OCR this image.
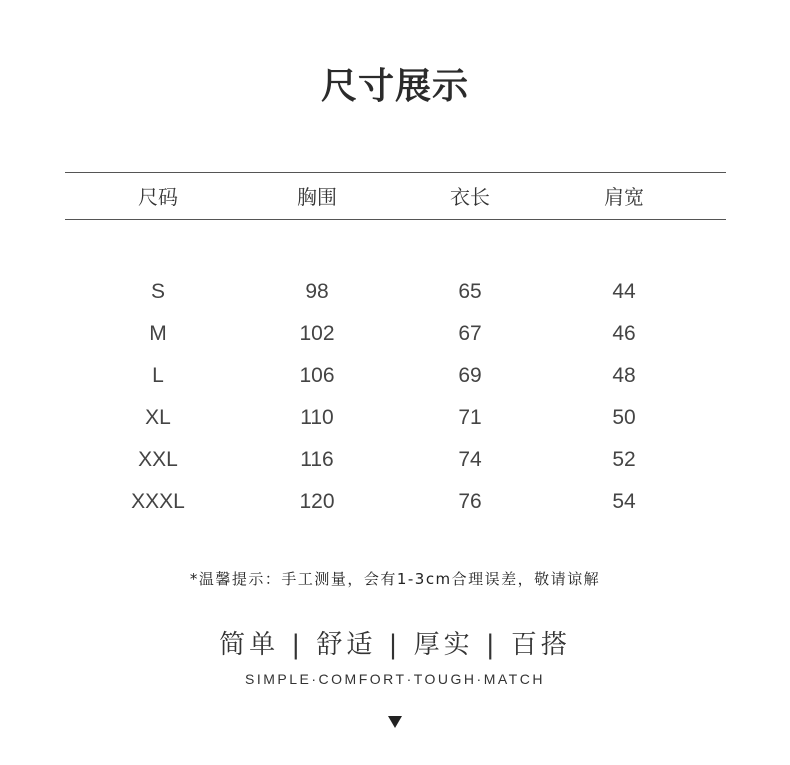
尺寸展示
尺码	胸围	衣长	肩宽
S	98	65	44
M	102	67	46
L	106	69	48
XL	110	71	50
XXL	116	74	52
XXXL	120	76	54
*温馨提示：手工测量，会有1-3cm合理误差，敬请谅解
简单 | 舒适 | 厚实 | 百搭
SIMPLE·COMFORT·TOUGH·MATCH
